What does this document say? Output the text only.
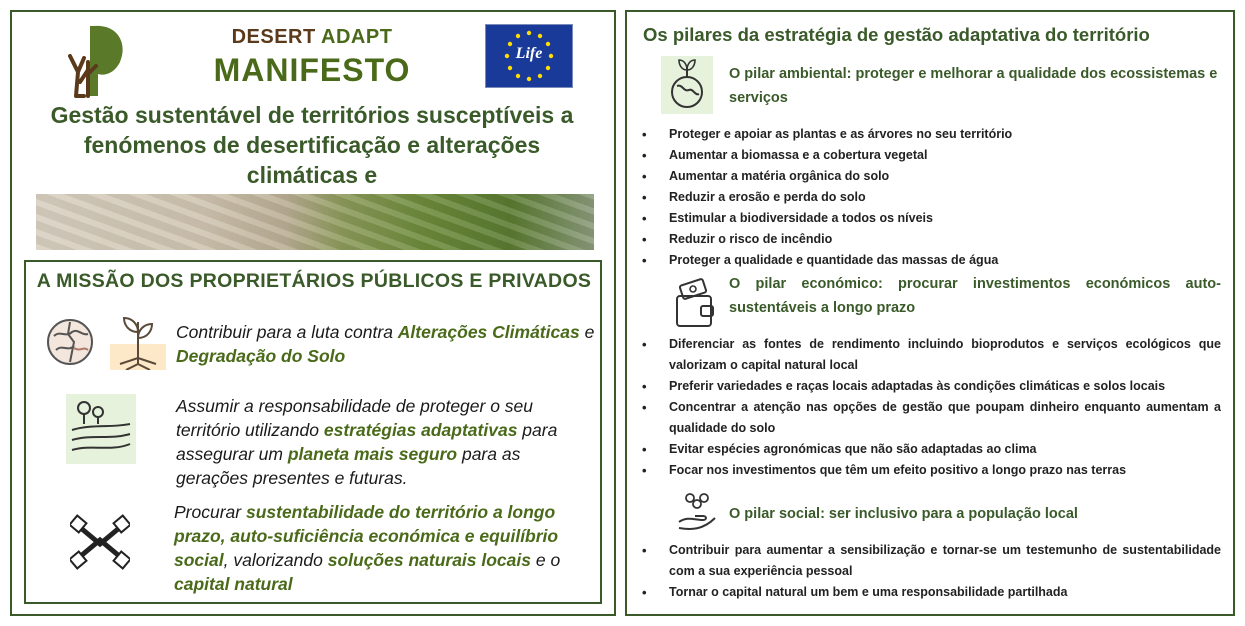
DESERT ADAPT
MANIFESTO	Life
Gestão sustentável de territórios susceptíveis a fenómenos de desertificação e alterações climáticas e
A MISSÃO DOS PROPRIETÁRIOS PÚBLICOS E PRIVADOS
Contribuir para a luta contra Alterações Climáticas e Degradação do Solo
Assumir a responsabilidade de proteger o seu território utilizando estratégias adaptativas para assegurar um planeta mais seguro para as gerações presentes e futuras.
Procurar sustentabilidade do território a longo prazo, auto-suficiência económica e equilíbrio social, valorizando soluções naturais locais e o capital natural
Os pilares da estratégia de gestão adaptativa do território
O pilar ambiental: proteger e melhorar a qualidade dos ecossistemas e serviços
• Proteger e apoiar as plantas e as árvores no seu território
• Aumentar a biomassa e a cobertura vegetal
• Aumentar a matéria orgânica do solo
• Reduzir a erosão e perda do solo
• Estimular a biodiversidade a todos os níveis
• Reduzir o risco de incêndio
• Proteger a qualidade e quantidade das massas de água
O pilar económico: procurar investimentos económicos auto-sustentáveis a longo prazo
• Diferenciar as fontes de rendimento incluindo bioprodutos e serviços ecológicos que valorizam o capital natural local
• Preferir variedades e raças locais adaptadas às condições climáticas e solos locais
• Concentrar a atenção nas opções de gestão que poupam dinheiro enquanto aumentam a qualidade do solo
• Evitar espécies agronómicas que não são adaptadas ao clima
• Focar nos investimentos que têm um efeito positivo a longo prazo nas terras
O pilar social: ser inclusivo para a população local
• Contribuir para aumentar a sensibilização e tornar-se um testemunho de sustentabilidade com a sua experiência pessoal
• Tornar o capital natural um bem e uma responsabilidade partilhada
